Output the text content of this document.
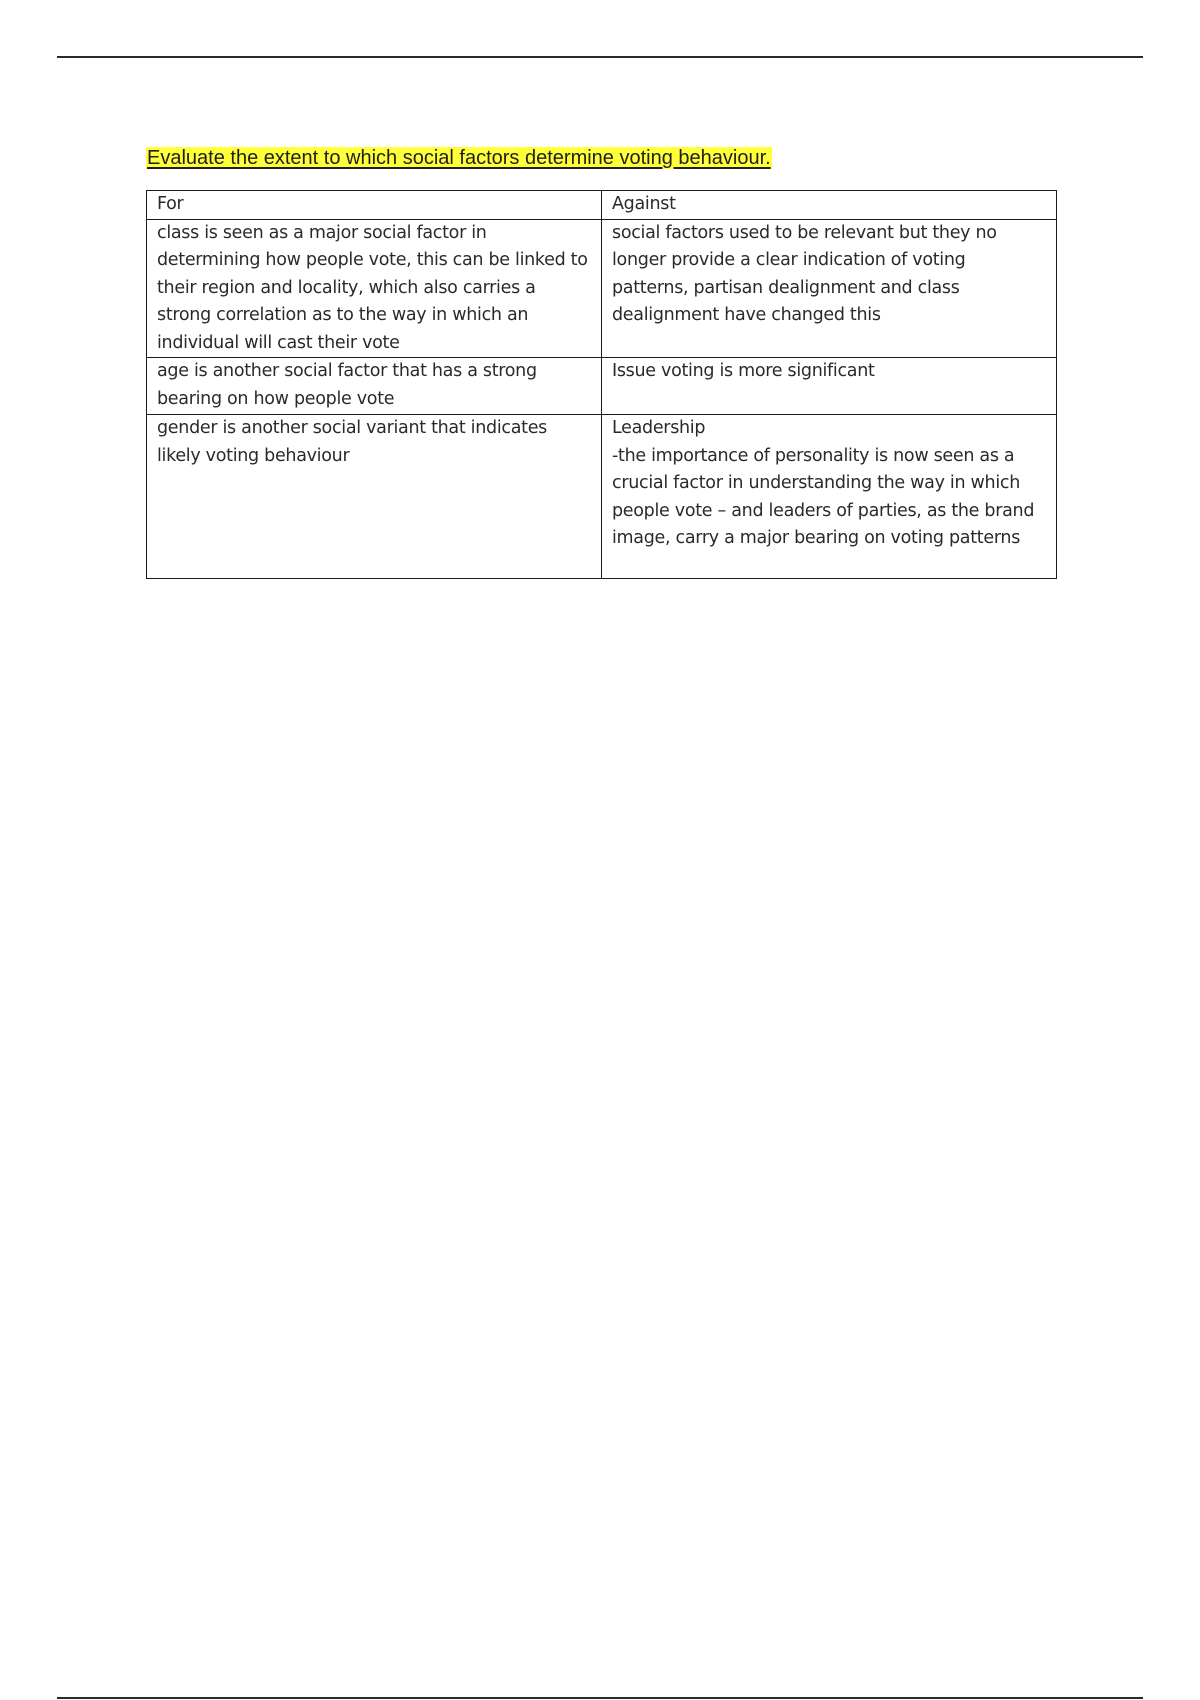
Evaluate the extent to which social factors determine voting behaviour.
For	Against

class is seen as a major social factor in determining how people vote, this can be linked to their region and locality, which also carries a strong correlation as to the way in which an individual will cast their vote	social factors used to be relevant but they no longer provide a clear indication of voting patterns, partisan dealignment and class dealignment have changed this

age is another social factor that has a strong bearing on how people vote	Issue voting is more significant

gender is another social variant that indicates likely voting behaviour	Leadership
-the importance of personality is now seen as a crucial factor in understanding the way in which people vote – and leaders of parties, as the brand image, carry a major bearing on voting patterns
